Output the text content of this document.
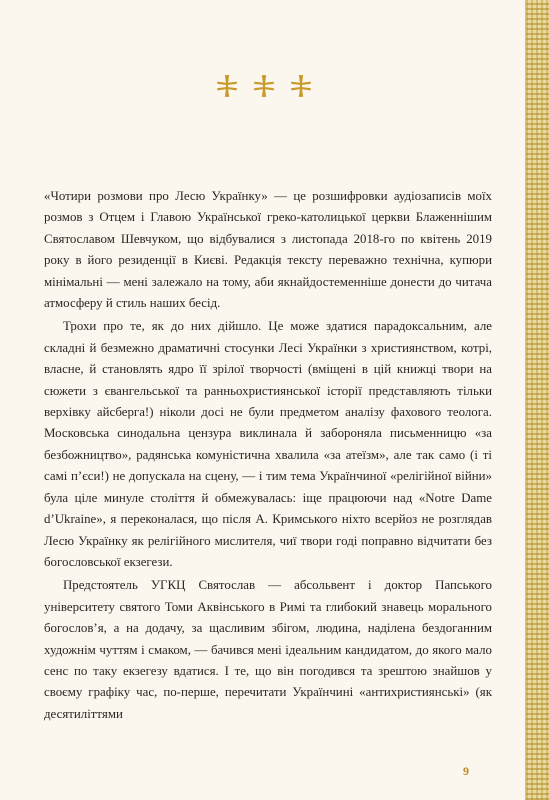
«Чотири розмови про Лесю Українку» — це розшифровки аудіозаписів моїх розмов з Отцем і Главою Української греко-католицької церкви Блаженнішим Святославом Шевчуком, що відбувалися з листопада 2018-го по квітень 2019 року в його резиденції в Києві. Редакція тексту переважно технічна, купюри мінімальні — мені залежало на тому, аби якнайдостеменніше донести до читача атмосферу й стиль наших бесід.

Трохи про те, як до них дійшло. Це може здатися парадоксальним, але складні й безмежно драматичні стосунки Лесі Українки з християнством, котрі, власне, й становлять ядро її зрілої творчості (вміщені в цій книжці твори на сюжети з євангельської та ранньохристиянської історії представляють тільки верхівку айсберга!) ніколи досі не були предметом аналізу фахового теолога. Московська синодальна цензура виклинала й забороняла письменницю «за безбожництво», радянська комуністична хвалила «за атеїзм», але так само (і ті самі п’єси!) не допускала на сцену, — і тим тема Українчиної «релігійної війни» була ціле минуле століття й обмежувалась: іще працюючи над «Notre Dame d’Ukraine», я переконалася, що після А. Кримського ніхто всерйоз не розглядав Лесю Українку як релігійного мислителя, чиї твори годі поправно відчитати без богословської екзегези.

Предстоятель УГКЦ Святослав — абсольвент і доктор Папського університету святого Томи Аквінського в Римі та глибокий знавець морального богослов’я, а на додачу, за щасливим збігом, людина, наділена бездоганним художнім чуттям і смаком, — бачився мені ідеальним кандидатом, до якого мало сенс по таку екзегезу вдатися. І те, що він погодився та зрештою знайшов у своєму графіку час, по-перше, перечитати Українчині «антихристиянські» (як десятиліттями

9
